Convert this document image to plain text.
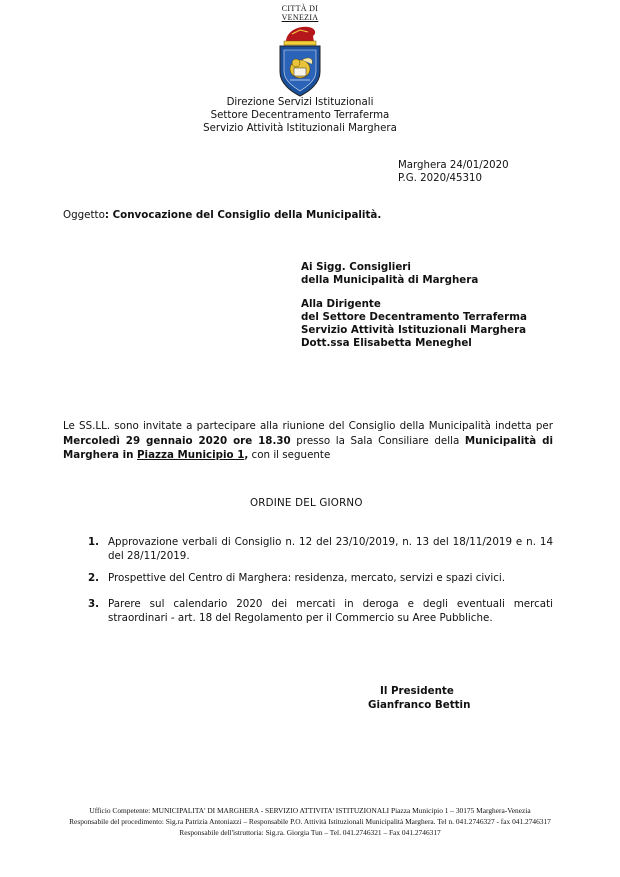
CITTÀ DI
VENEZIA
Direzione Servizi Istituzionali
Settore Decentramento Terraferma
Servizio Attività Istituzionali Marghera
Marghera 24/01/2020
P.G. 2020/45310
Oggetto: Convocazione del Consiglio della Municipalità.
Ai Sigg. Consiglieri
della Municipalità di Marghera
Alla Dirigente
del Settore Decentramento Terraferma
Servizio Attività Istituzionali Marghera
Dott.ssa Elisabetta Meneghel
Le SS.LL. sono invitate a partecipare alla riunione del Consiglio della Municipalità indetta per Mercoledì 29 gennaio 2020 ore 18.30 presso la Sala Consiliare della Municipalità di Marghera in Piazza Municipio 1, con il seguente
ORDINE DEL GIORNO
1. Approvazione verbali di Consiglio n. 12 del 23/10/2019, n. 13 del 18/11/2019 e n. 14 del 28/11/2019.
2. Prospettive del Centro di Marghera: residenza, mercato, servizi e spazi civici.
3. Parere sul calendario 2020 dei mercati in deroga e degli eventuali mercati straordinari - art. 18 del Regolamento per il Commercio su Aree Pubbliche.
Il Presidente
Gianfranco Bettin
Ufficio Competente: MUNICIPALITA' DI MARGHERA - SERVIZIO ATTIVITA' ISTITUZIONALI Piazza Municipio 1 – 30175 Marghera-Venezia
Responsabile del procedimento: Sig.ra Patrizia Antoniazzi – Responsabile P.O. Attività Istituzionali Municipalità Marghera. Tel n. 041.2746327 - fax 041.2746317
Responsabile dell'istruttoria: Sig.ra. Giorgia Tun – Tel. 041.2746321 – Fax 041.2746317
